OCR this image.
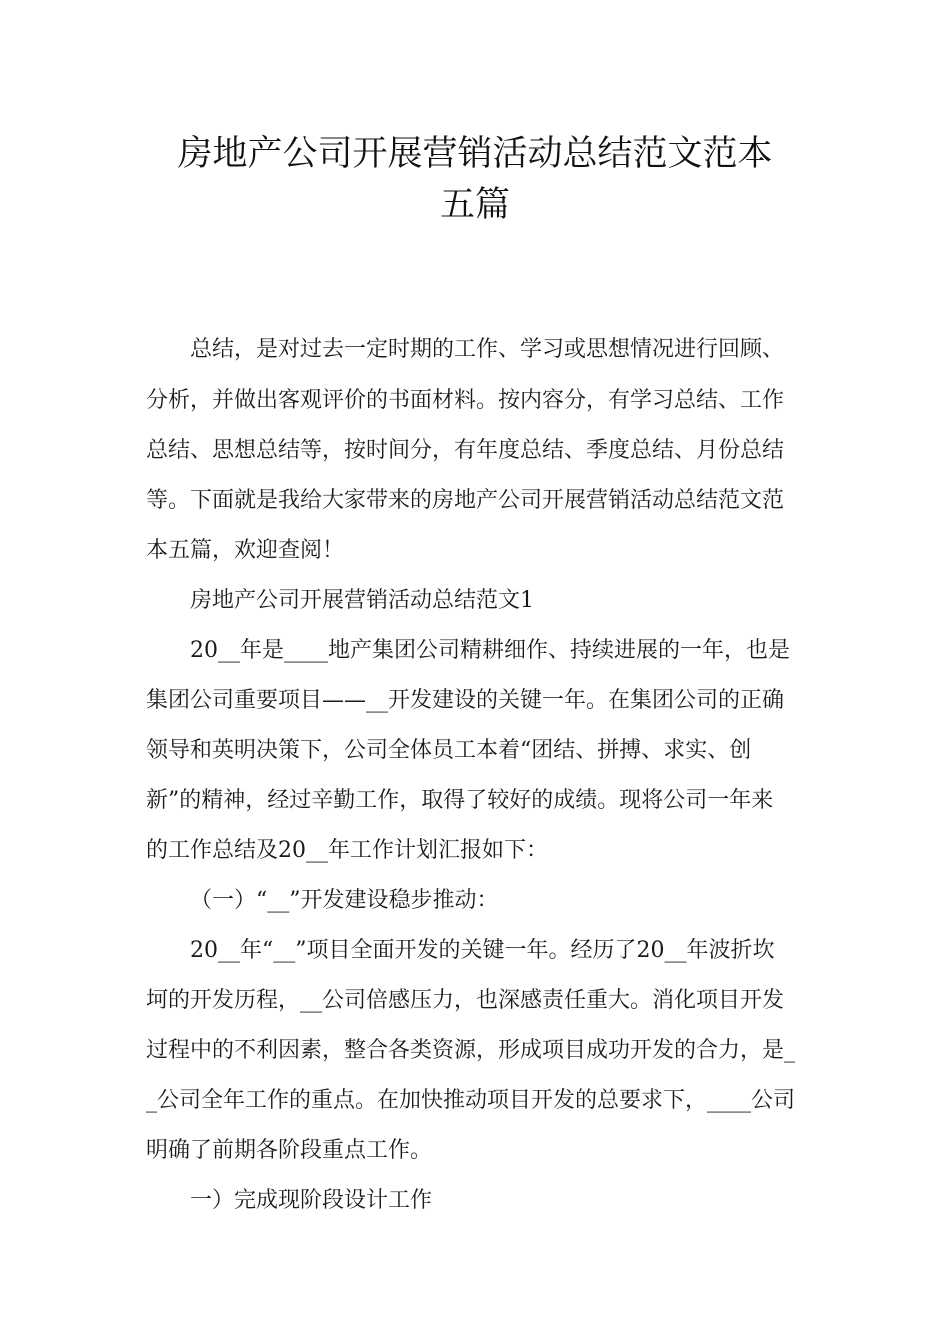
房地产公司开展营销活动总结范文范本
五篇

总结，是对过去一定时期的工作、学习或思想情况进行回顾、

分析，并做出客观评价的书面材料。按内容分，有学习总结、工作

总结、思想总结等，按时间分，有年度总结、季度总结、月份总结

等。下面就是我给大家带来的房地产公司开展营销活动总结范文范

本五篇，欢迎查阅！

房地产公司开展营销活动总结范文1

20__年是____地产集团公司精耕细作、持续进展的一年，也是

集团公司重要项目——__开发建设的关键一年。在集团公司的正确

领导和英明决策下，公司全体员工本着“团结、拼搏、求实、创

新”的精神，经过辛勤工作，取得了较好的成绩。现将公司一年来

的工作总结及20__年工作计划汇报如下：

（一）“__”开发建设稳步推动：

20__年“__”项目全面开发的关键一年。经历了20__年波折坎

坷的开发历程，__公司倍感压力，也深感责任重大。消化项目开发

过程中的不利因素，整合各类资源，形成项目成功开发的合力，是_

_公司全年工作的重点。在加快推动项目开发的总要求下，____公司

明确了前期各阶段重点工作。

一）完成现阶段设计工作
